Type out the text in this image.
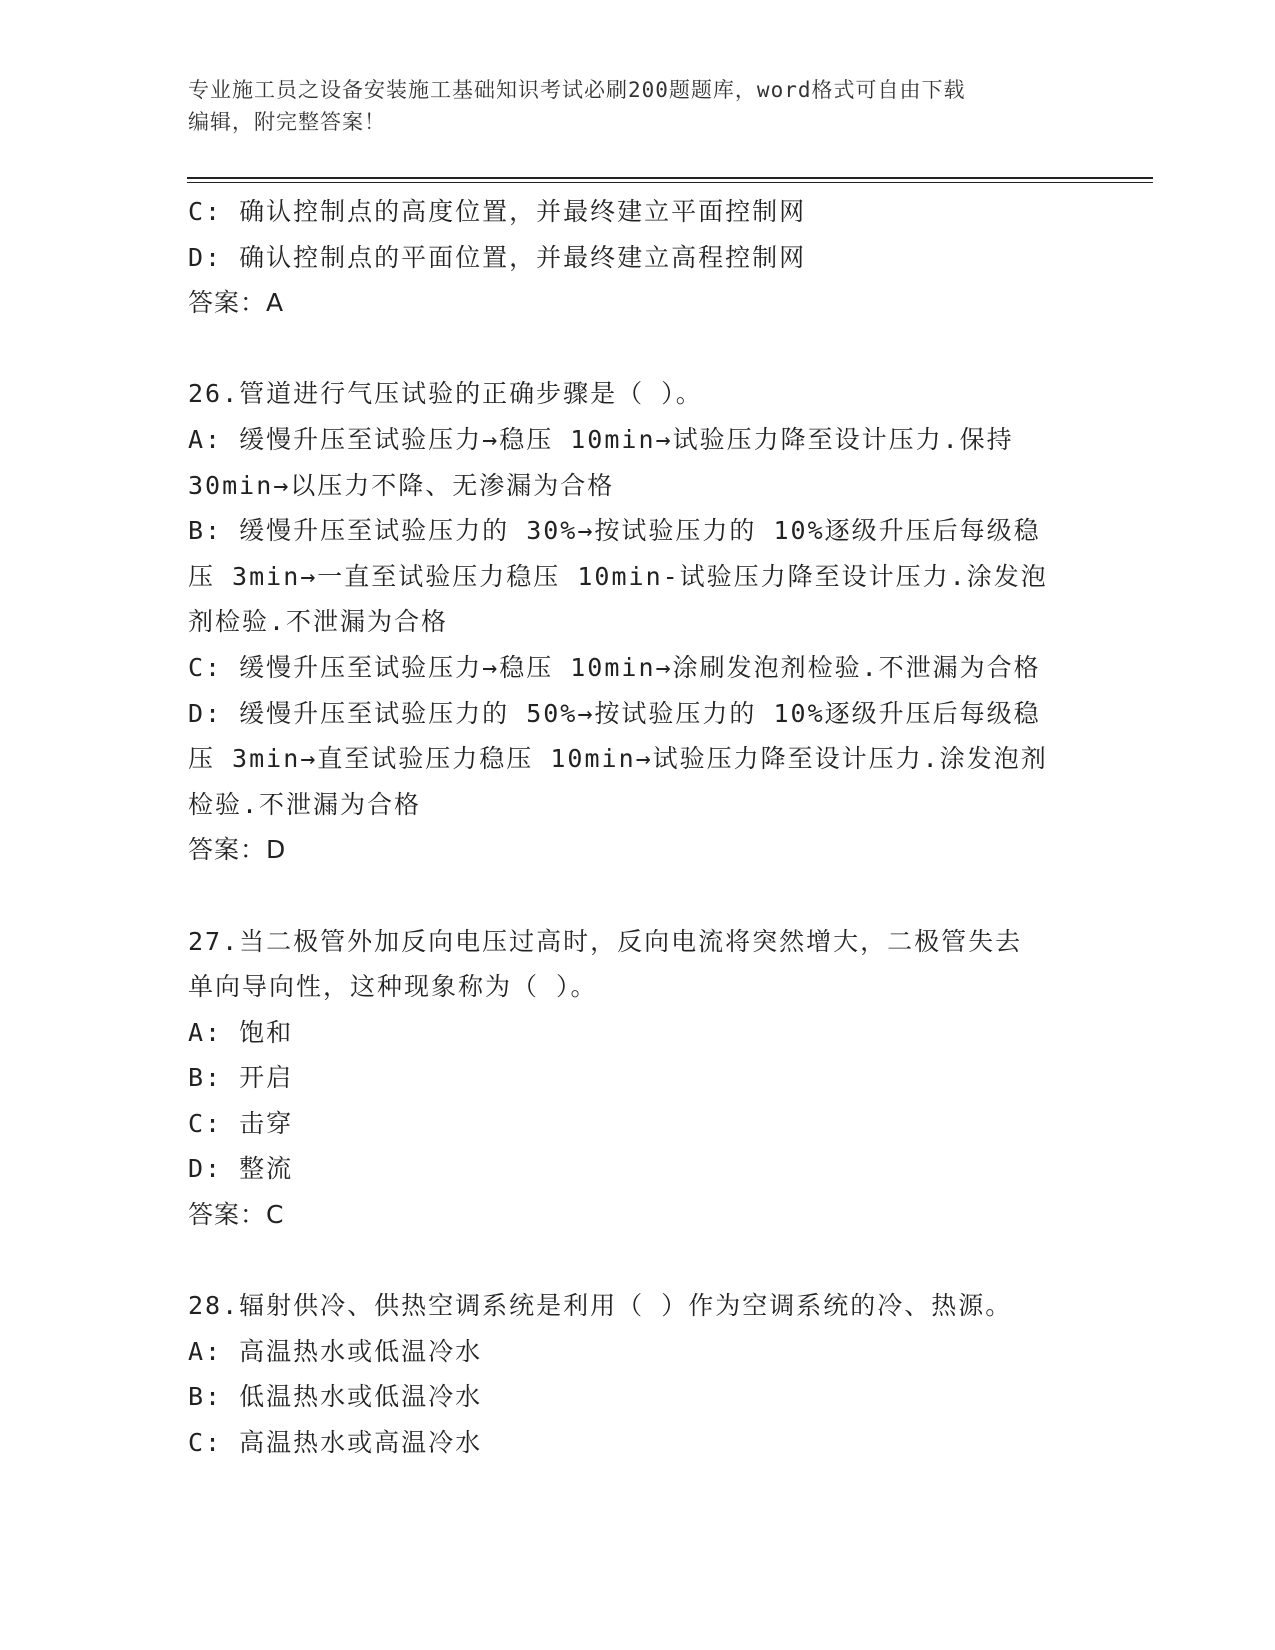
专业施工员之设备安装施工基础知识考试必刷200题题库，word格式可自由下载
编辑，附完整答案！
C: 确认控制点的高度位置，并最终建立平面控制网
D: 确认控制点的平面位置，并最终建立高程控制网
答案：A
26.管道进行气压试验的正确步骤是（ ）。
A: 缓慢升压至试验压力→稳压 10min→试验压力降至设计压力.保持
30min→以压力不降、无渗漏为合格
B: 缓慢升压至试验压力的 30%→按试验压力的 10%逐级升压后每级稳
压 3min→一直至试验压力稳压 10min-试验压力降至设计压力.涂发泡
剂检验.不泄漏为合格
C: 缓慢升压至试验压力→稳压 10min→涂刷发泡剂检验.不泄漏为合格
D: 缓慢升压至试验压力的 50%→按试验压力的 10%逐级升压后每级稳
压 3min→直至试验压力稳压 10min→试验压力降至设计压力.涂发泡剂
检验.不泄漏为合格
答案：D
27.当二极管外加反向电压过高时，反向电流将突然增大，二极管失去
单向导向性，这种现象称为（ ）。
A: 饱和
B: 开启
C: 击穿
D: 整流
答案：C
28.辐射供冷、供热空调系统是利用（ ）作为空调系统的冷、热源。
A: 高温热水或低温冷水
B: 低温热水或低温冷水
C: 高温热水或高温冷水
